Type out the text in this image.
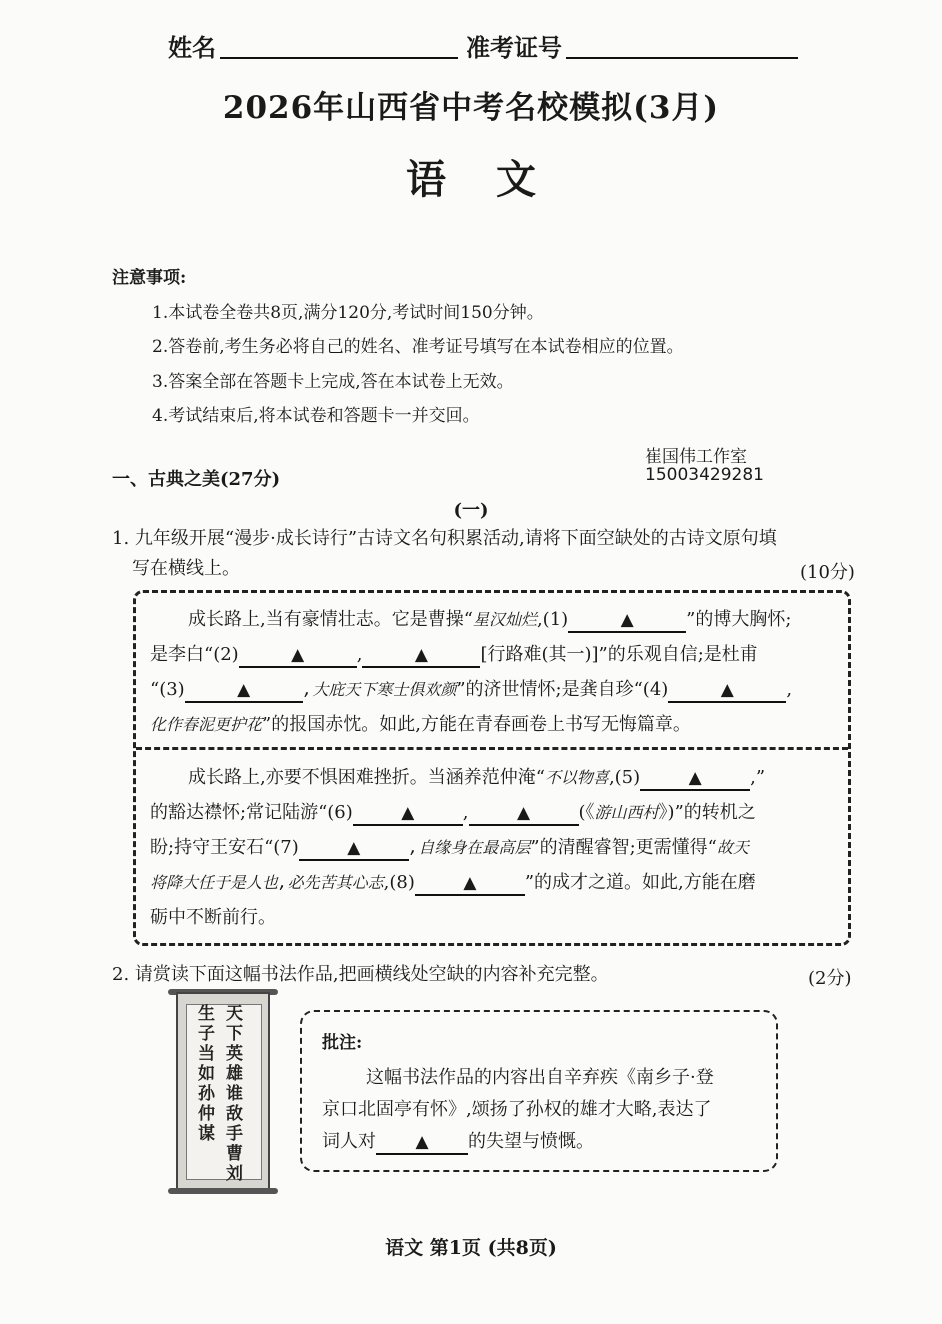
姓名	准考证号
2026年山西省中考名校模拟(3月)
语文
注意事项:
1.本试卷全卷共8页,满分120分,考试时间150分钟。
2.答卷前,考生务必将自己的姓名、准考证号填写在本试卷相应的位置。
3.答案全部在答题卡上完成,答在本试卷上无效。
4.考试结束后,将本试卷和答题卡一并交回。
崔国伟工作室
15003429281
一、古典之美(27分)
(一)
1. 九年级开展“漫步·成长诗行”古诗文名句积累活动,请将下面空缺处的古诗文原句填
写在横线上。	(10分)
成长路上,当有豪情壮志。它是曹操“星汉灿烂,(1)	▲	”的博大胸怀;
是李白“(2)	▲	,	▲	[行路难(其一)]”的乐观自信;是杜甫
“(3)	▲	,大庇天下寒士俱欢颜”的济世情怀;是龚自珍“(4)	▲	,
化作春泥更护花”的报国赤忱。如此,方能在青春画卷上书写无悔篇章。
成长路上,亦要不惧困难挫折。当涵养范仲淹“不以物喜,(5)	▲	,”
的豁达襟怀;常记陆游“(6)	▲	,	▲	(《游山西村》)”的转机之
盼;持守王安石“(7)	▲	,自缘身在最高层”的清醒睿智;更需懂得“故天
将降大任于是人也,必先苦其心志,(8)	▲	”的成才之道。如此,方能在磨
砺中不断前行。
2. 请赏读下面这幅书法作品,把画横线处空缺的内容补充完整。	(2分)
天下英雄谁敌手曹刘
生子当如孙仲谋	批注:
这幅书法作品的内容出自辛弃疾《南乡子·登
京口北固亭有怀》,颂扬了孙权的雄才大略,表达了
词人对 ▲ 的失望与愤慨。
语文 第1页 (共8页)
